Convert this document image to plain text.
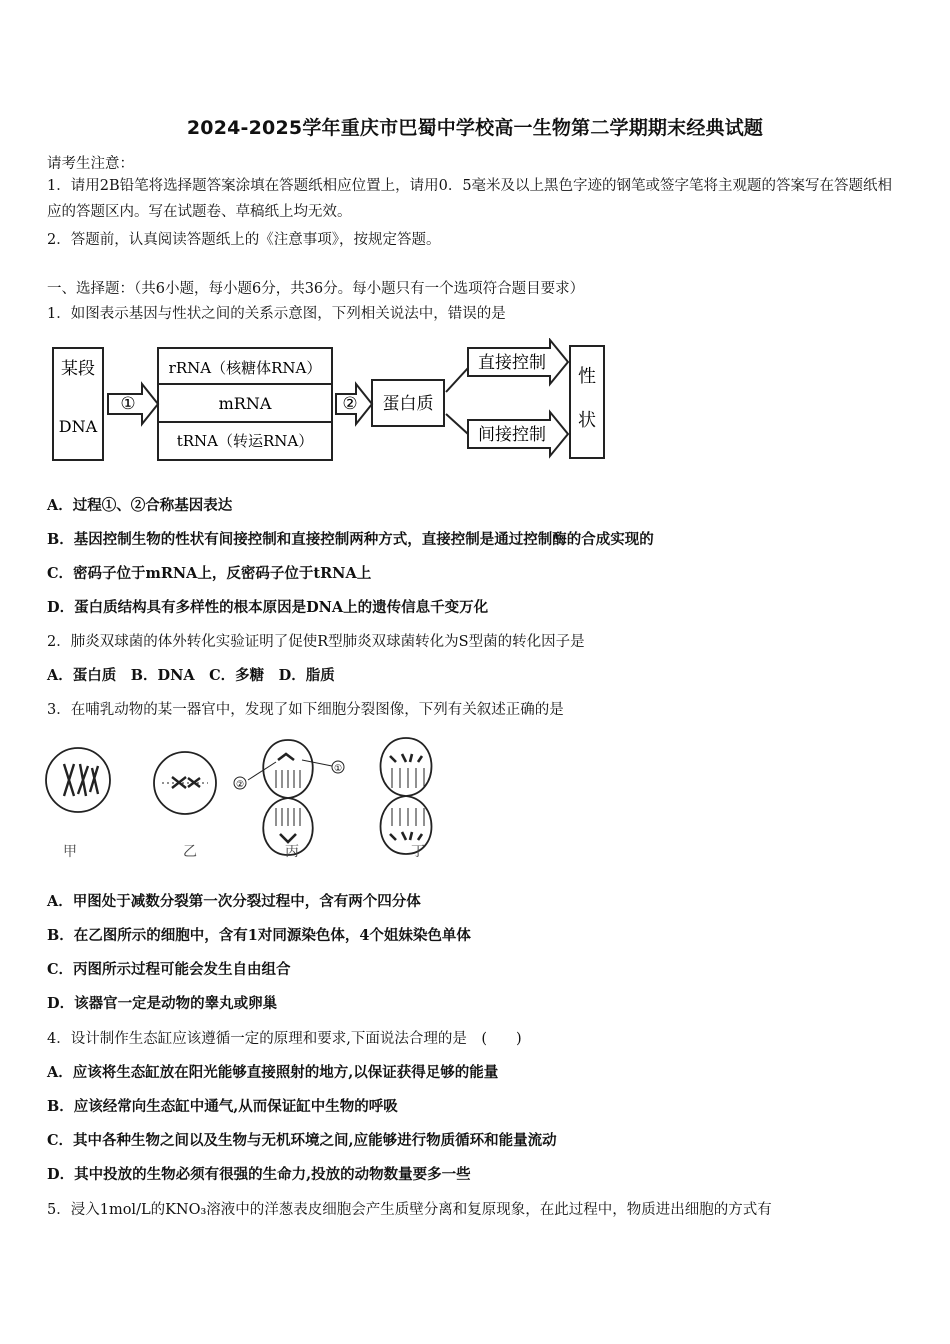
2024-2025学年重庆市巴蜀中学校高一生物第二学期期末经典试题
请考生注意：
1．请用2B铅笔将选择题答案涂填在答题纸相应位置上，请用0．5毫米及以上黑色字迹的钢笔或签字笔将主观题的答案写在答题纸相应的答题区内。写在试题卷、草稿纸上均无效。
2．答题前，认真阅读答题纸上的《注意事项》，按规定答题。
一、选择题：（共6小题，每小题6分，共36分。每小题只有一个选项符合题目要求）
1．如图表示基因与性状之间的关系示意图，下列相关说法中，错误的是
某段
DNA
①
rRNA（核糖体RNA）
mRNA
tRNA（转运RNA）
② 蛋白质
直接控制
间接控制
性
状
A．过程①、②合称基因表达
B．基因控制生物的性状有间接控制和直接控制两种方式，直接控制是通过控制酶的合成实现的
C．密码子位于mRNA上，反密码子位于tRNA上
D．蛋白质结构具有多样性的根本原因是DNA上的遗传信息千变万化
2．肺炎双球菌的体外转化实验证明了促使R型肺炎双球菌转化为S型菌的转化因子是
A．蛋白质　B．DNA　C．多糖　D．脂质
3．在哺乳动物的某一器官中，发现了如下细胞分裂图像，下列有关叙述正确的是
②
①
甲	乙	丙	丁
A．甲图处于减数分裂第一次分裂过程中，含有两个四分体
B．在乙图所示的细胞中，含有1对同源染色体，4个姐妹染色单体
C．丙图所示过程可能会发生自由组合
D．该器官一定是动物的睾丸或卵巢
4．设计制作生态缸应该遵循一定的原理和要求,下面说法合理的是　(　　)
A．应该将生态缸放在阳光能够直接照射的地方,以保证获得足够的能量
B．应该经常向生态缸中通气,从而保证缸中生物的呼吸
C．其中各种生物之间以及生物与无机环境之间,应能够进行物质循环和能量流动
D．其中投放的生物必须有很强的生命力,投放的动物数量要多一些
5．浸入1mol/L的KNO₃溶液中的洋葱表皮细胞会产生质壁分离和复原现象，在此过程中，物质进出细胞的方式有
